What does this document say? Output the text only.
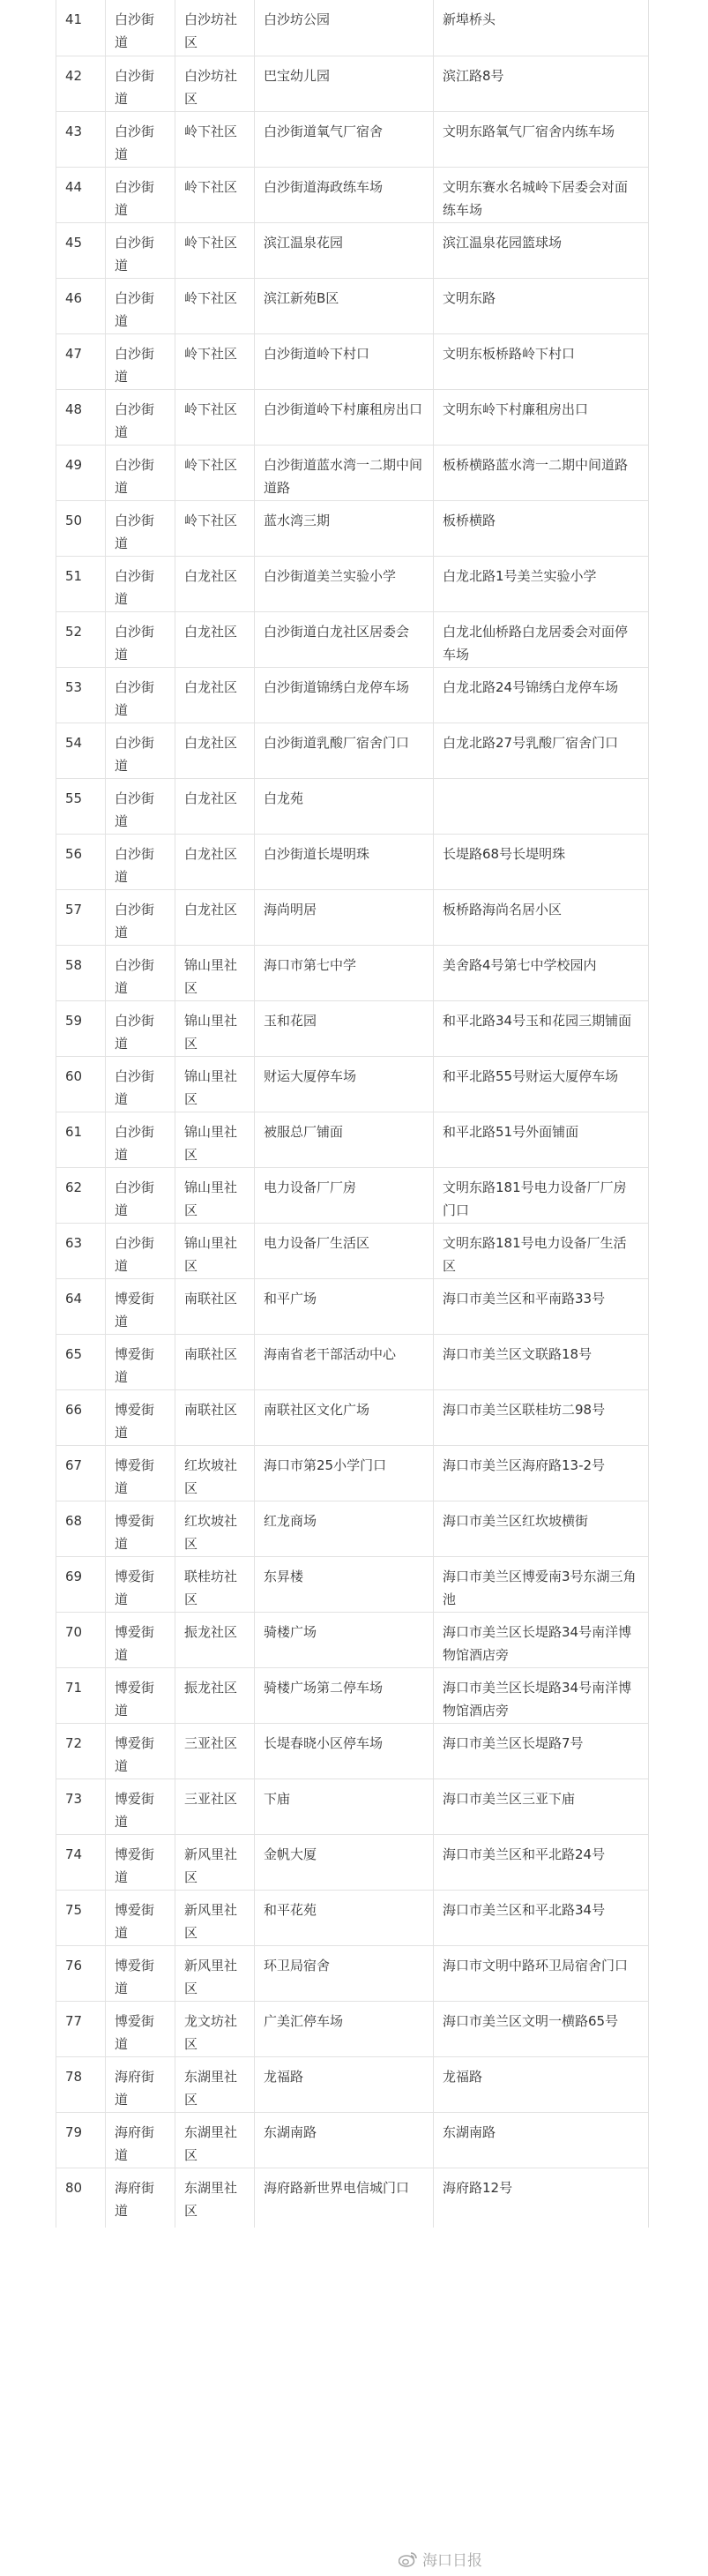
41	白沙街道	白沙坊社区	白沙坊公园	新埠桥头
42	白沙街道	白沙坊社区	巴宝幼儿园	滨江路8号
43	白沙街道	岭下社区	白沙街道氧气厂宿舍	文明东路氧气厂宿舍内练车场
44	白沙街道	岭下社区	白沙街道海政练车场	文明东赛水名城岭下居委会对面练车场
45	白沙街道	岭下社区	滨江温泉花园	滨江温泉花园篮球场
46	白沙街道	岭下社区	滨江新苑B区	文明东路
47	白沙街道	岭下社区	白沙街道岭下村口	文明东板桥路岭下村口
48	白沙街道	岭下社区	白沙街道岭下村廉租房出口	文明东岭下村廉租房出口
49	白沙街道	岭下社区	白沙街道蓝水湾一二期中间道路	板桥横路蓝水湾一二期中间道路
50	白沙街道	岭下社区	蓝水湾三期	板桥横路
51	白沙街道	白龙社区	白沙街道美兰实验小学	白龙北路1号美兰实验小学
52	白沙街道	白龙社区	白沙街道白龙社区居委会	白龙北仙桥路白龙居委会对面停车场
53	白沙街道	白龙社区	白沙街道锦绣白龙停车场	白龙北路24号锦绣白龙停车场
54	白沙街道	白龙社区	白沙街道乳酸厂宿舍门口	白龙北路27号乳酸厂宿舍门口
55	白沙街道	白龙社区	白龙苑	
56	白沙街道	白龙社区	白沙街道长堤明珠	长堤路68号长堤明珠
57	白沙街道	白龙社区	海尚明居	板桥路海尚名居小区
58	白沙街道	锦山里社区	海口市第七中学	美舍路4号第七中学校园内
59	白沙街道	锦山里社区	玉和花园	和平北路34号玉和花园三期铺面
60	白沙街道	锦山里社区	财运大厦停车场	和平北路55号财运大厦停车场
61	白沙街道	锦山里社区	被服总厂铺面	和平北路51号外面铺面
62	白沙街道	锦山里社区	电力设备厂厂房	文明东路181号电力设备厂厂房门口
63	白沙街道	锦山里社区	电力设备厂生活区	文明东路181号电力设备厂生活区
64	博爱街道	南联社区	和平广场	海口市美兰区和平南路33号
65	博爱街道	南联社区	海南省老干部活动中心	海口市美兰区文联路18号
66	博爱街道	南联社区	南联社区文化广场	海口市美兰区联桂坊二98号
67	博爱街道	红坎坡社区	海口市第25小学门口	海口市美兰区海府路13-2号
68	博爱街道	红坎坡社区	红龙商场	海口市美兰区红坎坡横街
69	博爱街道	联桂坊社区	东昇楼	海口市美兰区博爱南3号东湖三角池
70	博爱街道	振龙社区	骑楼广场	海口市美兰区长堤路34号南洋博物馆酒店旁
71	博爱街道	振龙社区	骑楼广场第二停车场	海口市美兰区长堤路34号南洋博物馆酒店旁
72	博爱街道	三亚社区	长堤春晓小区停车场	海口市美兰区长堤路7号
73	博爱街道	三亚社区	下庙	海口市美兰区三亚下庙
74	博爱街道	新风里社区	金帆大厦	海口市美兰区和平北路24号
75	博爱街道	新风里社区	和平花苑	海口市美兰区和平北路34号
76	博爱街道	新风里社区	环卫局宿舍	海口市文明中路环卫局宿舍门口
77	博爱街道	龙文坊社区	广美汇停车场	海口市美兰区文明一横路65号
78	海府街道	东湖里社区	龙福路	龙福路
79	海府街道	东湖里社区	东湖南路	东湖南路
80	海府街道	东湖里社区	海府路新世界电信城门口	海府路12号
海口日报
